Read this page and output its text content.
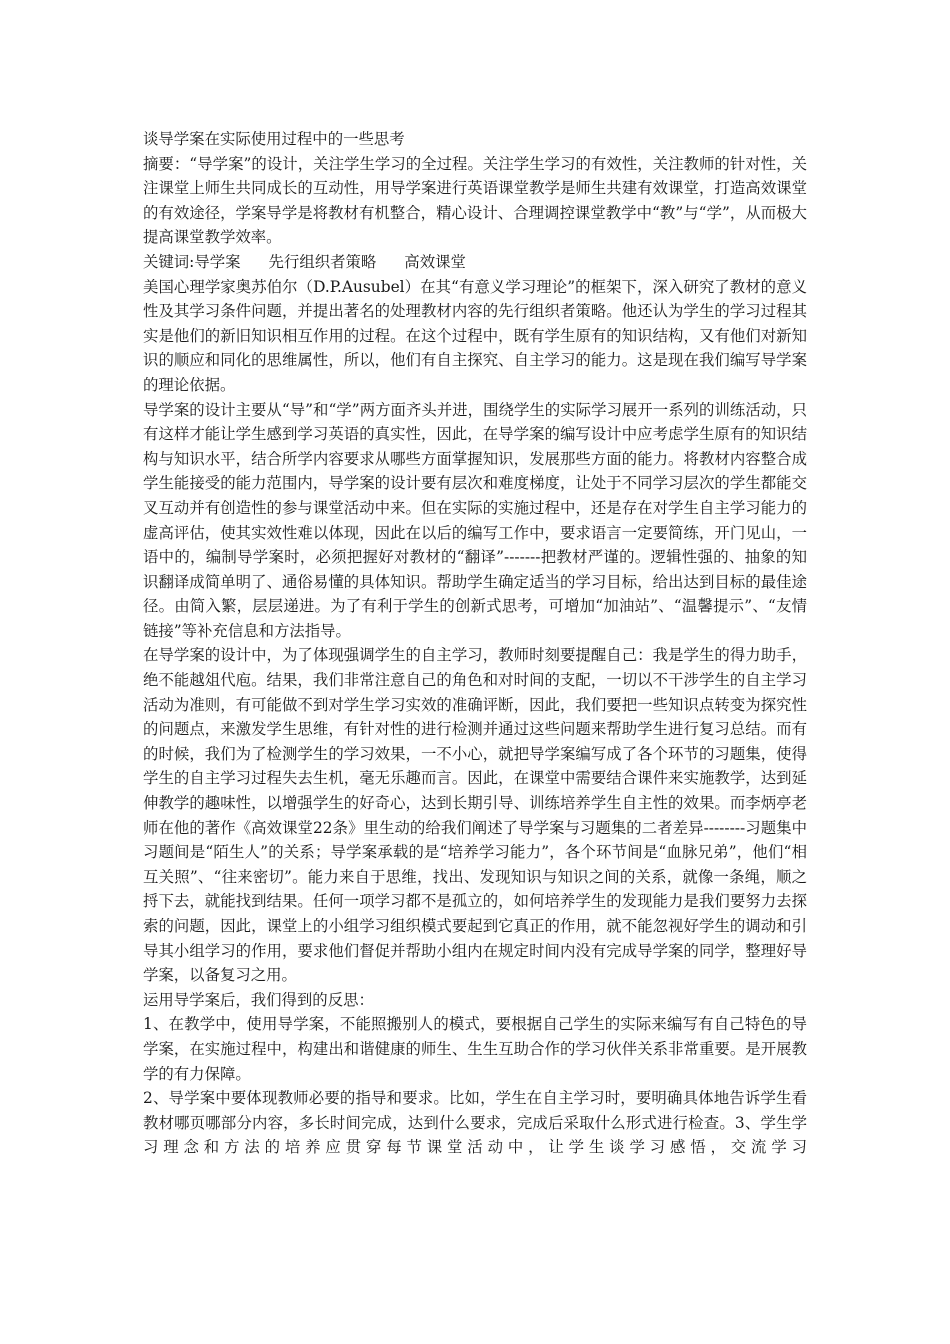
谈导学案在实际使用过程中的一些思考

摘要：“导学案”的设计，关注学生学习的全过程。关注学生学习的有效性，关注教师的针对性，关注课堂上师生共同成长的互动性，用导学案进行英语课堂教学是师生共建有效课堂，打造高效课堂的有效途径，学案导学是将教材有机整合，精心设计、合理调控课堂教学中“教”与“学”，从而极大提高课堂教学效率。

关键词:导学案 先行组织者策略 高效课堂

美国心理学家奥苏伯尔（D.P.Ausubel）在其“有意义学习理论”的框架下，深入研究了教材的意义性及其学习条件问题，并提出著名的处理教材内容的先行组织者策略。他还认为学生的学习过程其实是他们的新旧知识相互作用的过程。在这个过程中，既有学生原有的知识结构，又有他们对新知识的顺应和同化的思维属性，所以，他们有自主探究、自主学习的能力。这是现在我们编写导学案的理论依据。

导学案的设计主要从“导”和“学”两方面齐头并进，围绕学生的实际学习展开一系列的训练活动，只有这样才能让学生感到学习英语的真实性，因此，在导学案的编写设计中应考虑学生原有的知识结构与知识水平，结合所学内容要求从哪些方面掌握知识，发展那些方面的能力。将教材内容整合成学生能接受的能力范围内，导学案的设计要有层次和难度梯度，让处于不同学习层次的学生都能交叉互动并有创造性的参与课堂活动中来。但在实际的实施过程中，还是存在对学生自主学习能力的虚高评估，使其实效性难以体现，因此在以后的编写工作中，要求语言一定要简练，开门见山，一语中的，编制导学案时，必须把握好对教材的“翻译”-------把教材严谨的。逻辑性强的、抽象的知识翻译成简单明了、通俗易懂的具体知识。帮助学生确定适当的学习目标，给出达到目标的最佳途径。由简入繁，层层递进。为了有利于学生的创新式思考，可增加“加油站”、“温馨提示”、“友情链接”等补充信息和方法指导。

在导学案的设计中，为了体现强调学生的自主学习，教师时刻要提醒自己：我是学生的得力助手，绝不能越俎代庖。结果，我们非常注意自己的角色和对时间的支配，一切以不干涉学生的自主学习活动为准则，有可能做不到对学生学习实效的准确评断，因此，我们要把一些知识点转变为探究性的问题点，来激发学生思维，有针对性的进行检测并通过这些问题来帮助学生进行复习总结。而有的时候，我们为了检测学生的学习效果，一不小心，就把导学案编写成了各个环节的习题集，使得学生的自主学习过程失去生机，毫无乐趣而言。因此，在课堂中需要结合课件来实施教学，达到延伸教学的趣味性，以增强学生的好奇心，达到长期引导、训练培养学生自主性的效果。而李炳亭老师在他的著作《高效课堂22条》里生动的给我们阐述了导学案与习题集的二者差异--------习题集中习题间是“陌生人”的关系；导学案承载的是“培养学习能力”，各个环节间是“血脉兄弟”，他们“相互关照”、“往来密切”。能力来自于思维，找出、发现知识与知识之间的关系，就像一条绳，顺之捋下去，就能找到结果。任何一项学习都不是孤立的，如何培养学生的发现能力是我们要努力去探索的问题，因此，课堂上的小组学习组织模式要起到它真正的作用，就不能忽视好学生的调动和引导其小组学习的作用，要求他们督促并帮助小组内在规定时间内没有完成导学案的同学，整理好导学案，以备复习之用。

运用导学案后，我们得到的反思：

1、在教学中，使用导学案，不能照搬别人的模式，要根据自己学生的实际来编写有自己特色的导学案，在实施过程中，构建出和谐健康的师生、生生互助合作的学习伙伴关系非常重要。是开展教学的有力保障。

2、导学案中要体现教师必要的指导和要求。比如，学生在自主学习时，要明确具体地告诉学生看教材哪页哪部分内容，多长时间完成，达到什么要求，完成后采取什么形式进行检查。3、学生学习理念和方法的培养应贯穿每节课堂活动中，让学生谈学习感悟，交流学习
